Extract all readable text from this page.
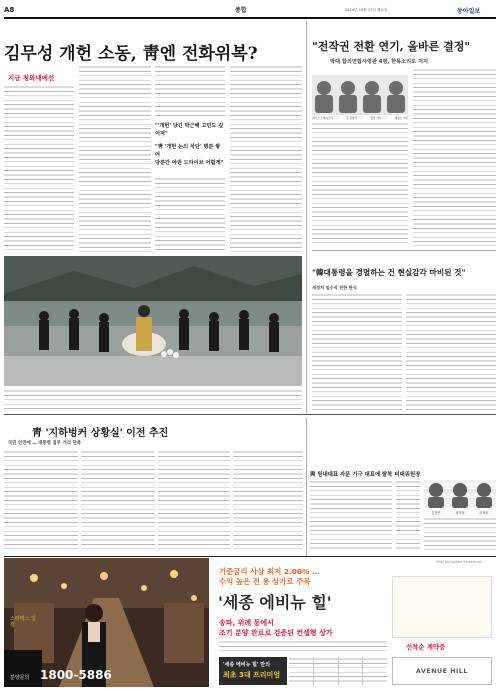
A8	종합	2014년 10월 27일 월요일	동아일보
김무성 개헌 소동, 靑엔 전화위복?
지금 청와대에선
"'개헌' 당긴 박근혜 고민도 깊어져"
"靑 '개헌 논의 차단' 명분 쌓여
당분간 야권 드라이브 어렵게"
"전작권 전환 연기, 올바른 결정"
박대 합의연합사령관 4명, 한목소리로 지지
커티스 스캐퍼로티	존 틸럴리	월터 샤프	제임스 서먼
"韓대통령을 경멸하는 건 현실감각 마비된 것"
새정치 일수석 진한 탄식
靑 '지하벙커 상황실' 이전 추진
국민 안전에 … 대통령 집무 거리 단축
與 원내대표 자문 기구 대표에 탈북 비대위원장
김정민	최영철	이혁신
First European Streetmall
스타벅스 입점
분양문의 1800-5886
기준금리 사상 최저 2.00% …
수익 높은 전 용 상가로 주목
'세종 에비뉴 힐'
송파, 위례 동에서
조기 분양 완료로 검증된 컨셉형 상가
'세종 에비뉴 힐' 만의
최초 3대 프리미엄
선착순 계약중
AVENUE HILL
